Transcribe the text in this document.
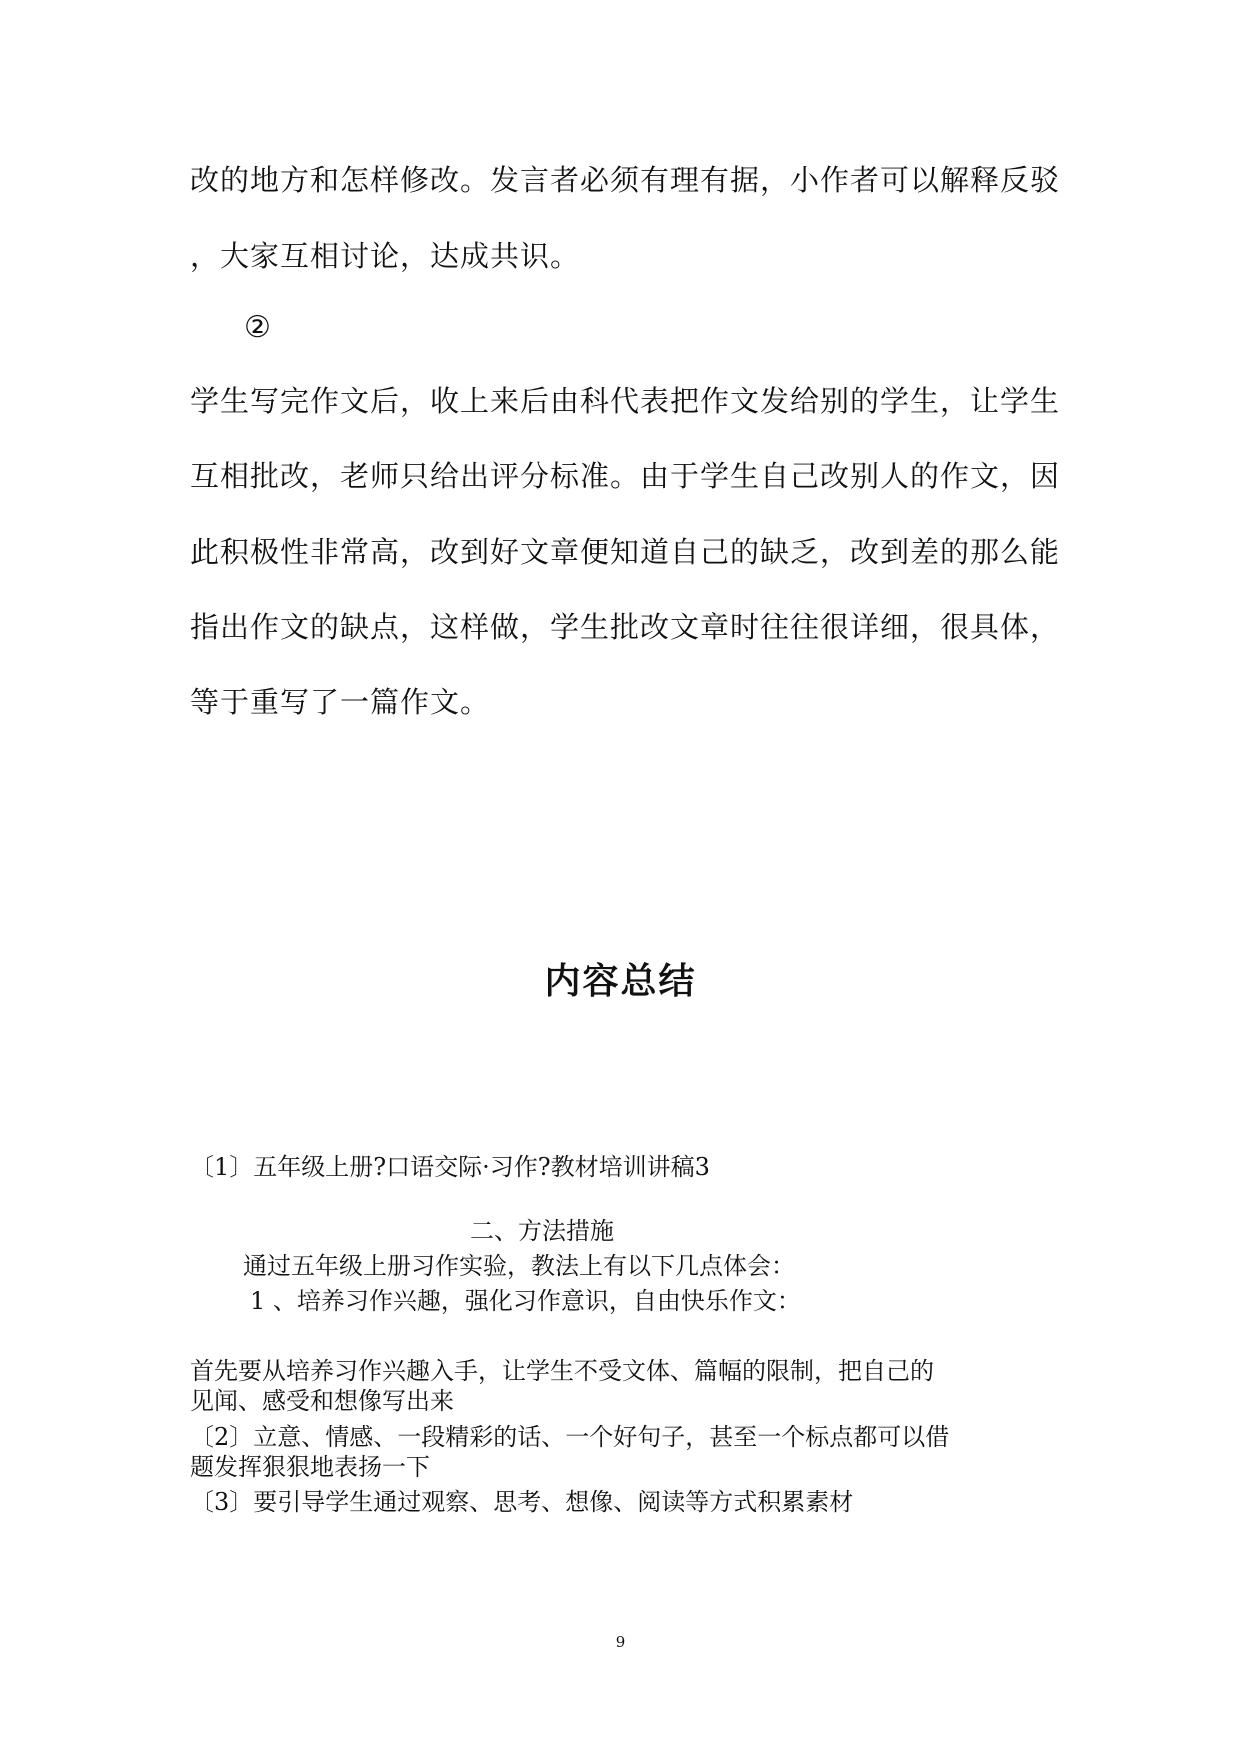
改的地方和怎样修改。发言者必须有理有据，小作者可以解释反驳
，大家互相讨论，达成共识。
②
学生写完作文后，收上来后由科代表把作文发给别的学生，让学生
互相批改，老师只给出评分标准。由于学生自己改别人的作文，因
此积极性非常高，改到好文章便知道自己的缺乏，改到差的那么能
指出作文的缺点，这样做，学生批改文章时往往很详细，很具体，
等于重写了一篇作文。
内容总结
〔1〕五年级上册?口语交际·习作?教材培训讲稿3
二、方法措施
通过五年级上册习作实验，教法上有以下几点体会：
1 、培养习作兴趣，强化习作意识，自由快乐作文：
首先要从培养习作兴趣入手，让学生不受文体、篇幅的限制，把自己的
见闻、感受和想像写出来
〔2〕立意、情感、一段精彩的话、一个好句子，甚至一个标点都可以借
题发挥狠狠地表扬一下
〔3〕要引导学生通过观察、思考、想像、阅读等方式积累素材
9
